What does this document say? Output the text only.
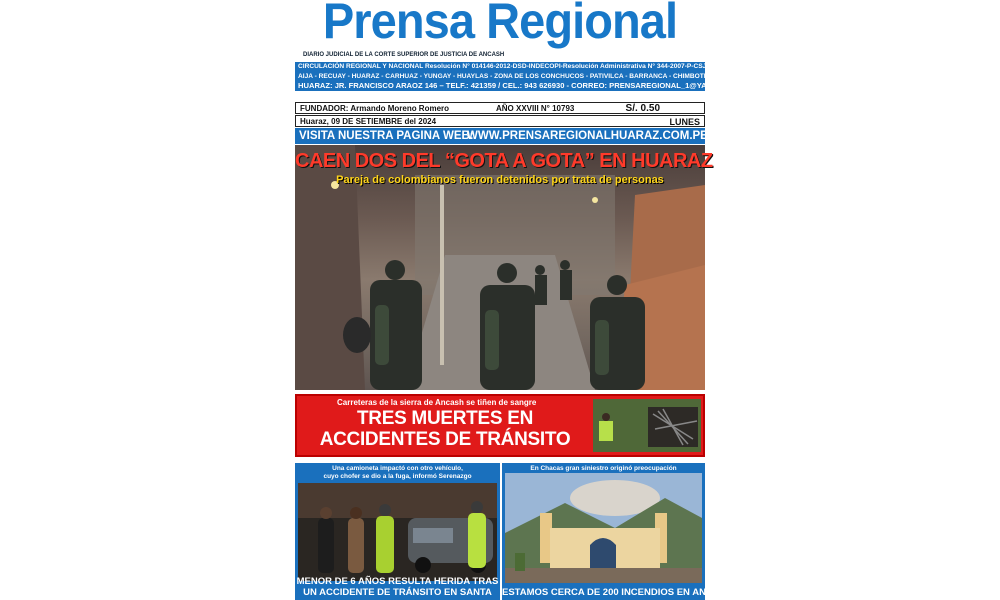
Prensa Regional
DIARIO JUDICIAL DE LA CORTE SUPERIOR DE JUSTICIA DE ANCASH
CIRCULACIÓN REGIONAL Y NACIONAL Resolución N° 014146-2012-DSD-INDECOPI-Resolución Administrativa N° 344-2007-P-CSJAN/PJ
AIJA - RECUAY - HUARAZ - CARHUAZ - YUNGAY - HUAYLAS - ZONA DE LOS CONCHUCOS - PATIVILCA - BARRANCA - CHIMBOTE - LIMA NORTE
HUARAZ: JR. FRANCISCO ARAOZ 146 – TELF.: 421359 / CEL.: 943 626930 - CORREO: PRENSAREGIONAL_1@YAHOO.ES
FUNDADOR: Armando Moreno Romero	AÑO XXVIII N° 10793	S/. 0.50
Huaraz, 09 DE SETIEMBRE del 2024	LUNES
VISITA NUESTRA PAGINA WEB:
WWW.PRENSAREGIONALHUARAZ.COM.PE
CAEN DOS DEL “GOTA A GOTA” EN HUARAZ
Pareja de colombianos fueron detenidos por trata de personas
Carreteras de la sierra de Ancash se tiñen de sangre
TRES MUERTES EN
ACCIDENTES DE TRÁNSITO
Una camioneta impactó con otro vehículo,
cuyo chofer se dio a la fuga, informó Serenazgo
MENOR DE 6 AÑOS RESULTA HERIDA TRAS
UN ACCIDENTE DE TRÁNSITO EN SANTA
En Chacas gran siniestro originó preocupación
ESTAMOS CERCA DE 200 INCENDIOS EN ANCASH
